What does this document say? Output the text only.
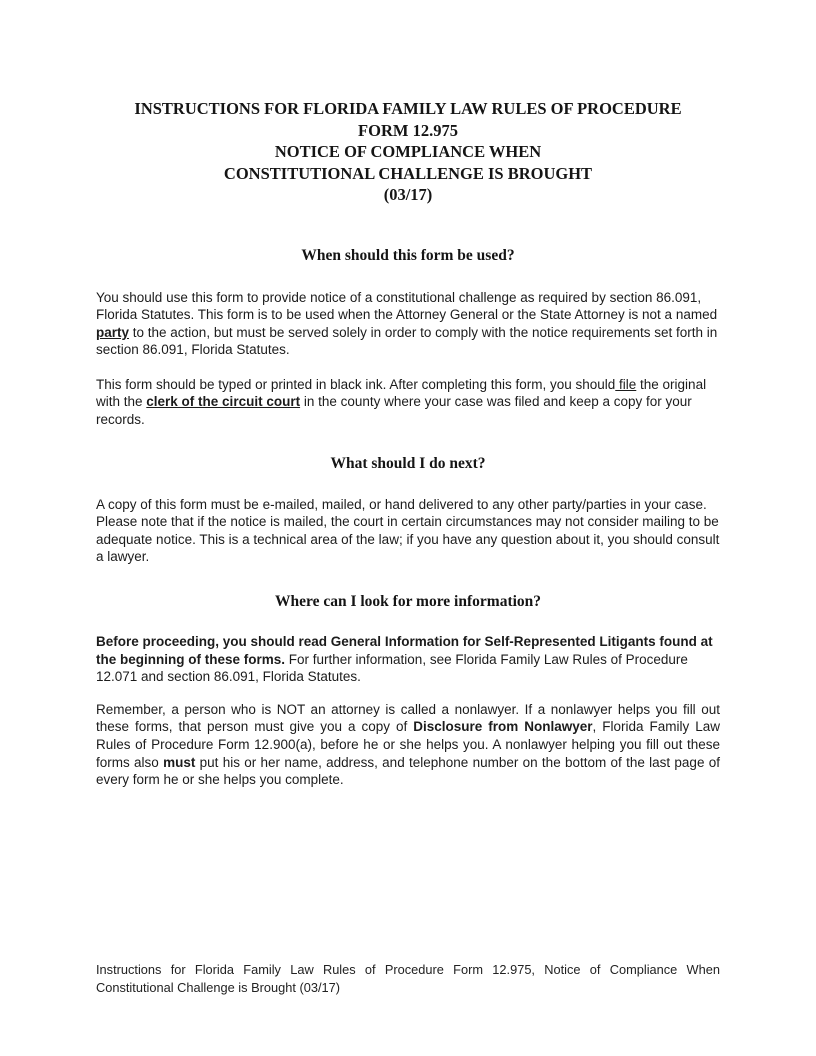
INSTRUCTIONS FOR FLORIDA FAMILY LAW RULES OF PROCEDURE
FORM 12.975
NOTICE OF COMPLIANCE WHEN
CONSTITUTIONAL CHALLENGE IS BROUGHT
(03/17)
When should this form be used?
You should use this form to provide notice of a constitutional challenge as required by section 86.091, Florida Statutes. This form is to be used when the Attorney General or the State Attorney is not a named party to the action, but must be served solely in order to comply with the notice requirements set forth in section 86.091, Florida Statutes.
This form should be typed or printed in black ink. After completing this form, you should file the original with the clerk of the circuit court in the county where your case was filed and keep a copy for your records.
What should I do next?
A copy of this form must be e-mailed, mailed, or hand delivered to any other party/parties in your case. Please note that if the notice is mailed, the court in certain circumstances may not consider mailing to be adequate notice. This is a technical area of the law; if you have any question about it, you should consult a lawyer.
Where can I look for more information?
Before proceeding, you should read General Information for Self-Represented Litigants found at the beginning of these forms. For further information, see Florida Family Law Rules of Procedure 12.071 and section 86.091, Florida Statutes.
Remember, a person who is NOT an attorney is called a nonlawyer. If a nonlawyer helps you fill out these forms, that person must give you a copy of Disclosure from Nonlawyer, Florida Family Law Rules of Procedure Form 12.900(a), before he or she helps you. A nonlawyer helping you fill out these forms also must put his or her name, address, and telephone number on the bottom of the last page of every form he or she helps you complete.
Instructions for Florida Family Law Rules of Procedure Form 12.975, Notice of Compliance When Constitutional Challenge is Brought (03/17)
